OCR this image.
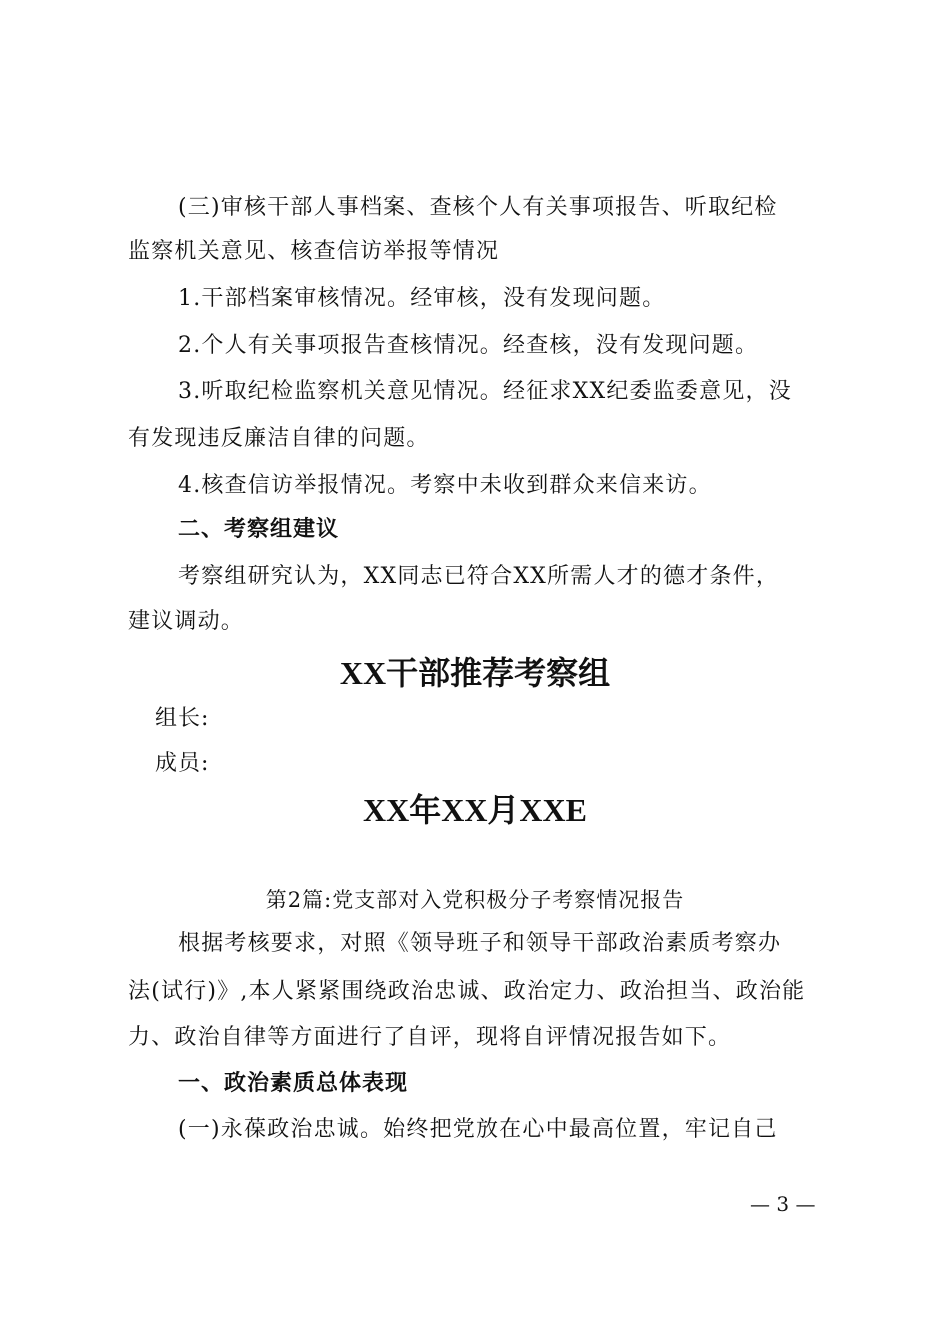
(三)审核干部人事档案、查核个人有关事项报告、听取纪检
监察机关意见、核查信访举报等情况
1.干部档案审核情况。经审核，没有发现问题。
2.个人有关事项报告查核情况。经查核，没有发现问题。
3.听取纪检监察机关意见情况。经征求XX纪委监委意见，没
有发现违反廉洁自律的问题。
4.核查信访举报情况。考察中未收到群众来信来访。
二、考察组建议
考察组研究认为，XX同志已符合XX所需人才的德才条件，
建议调动。
XX干部推荐考察组
组长:
成员:
XX年XX月XXE
第2篇:党支部对入党积极分子考察情况报告
根据考核要求，对照《领导班子和领导干部政治素质考察办
法(试行)》,本人紧紧围绕政治忠诚、政治定力、政治担当、政治能
力、政治自律等方面进行了自评，现将自评情况报告如下。
一、政治素质总体表现
(一)永葆政治忠诚。始终把党放在心中最高位置，牢记自己
— 3 —
